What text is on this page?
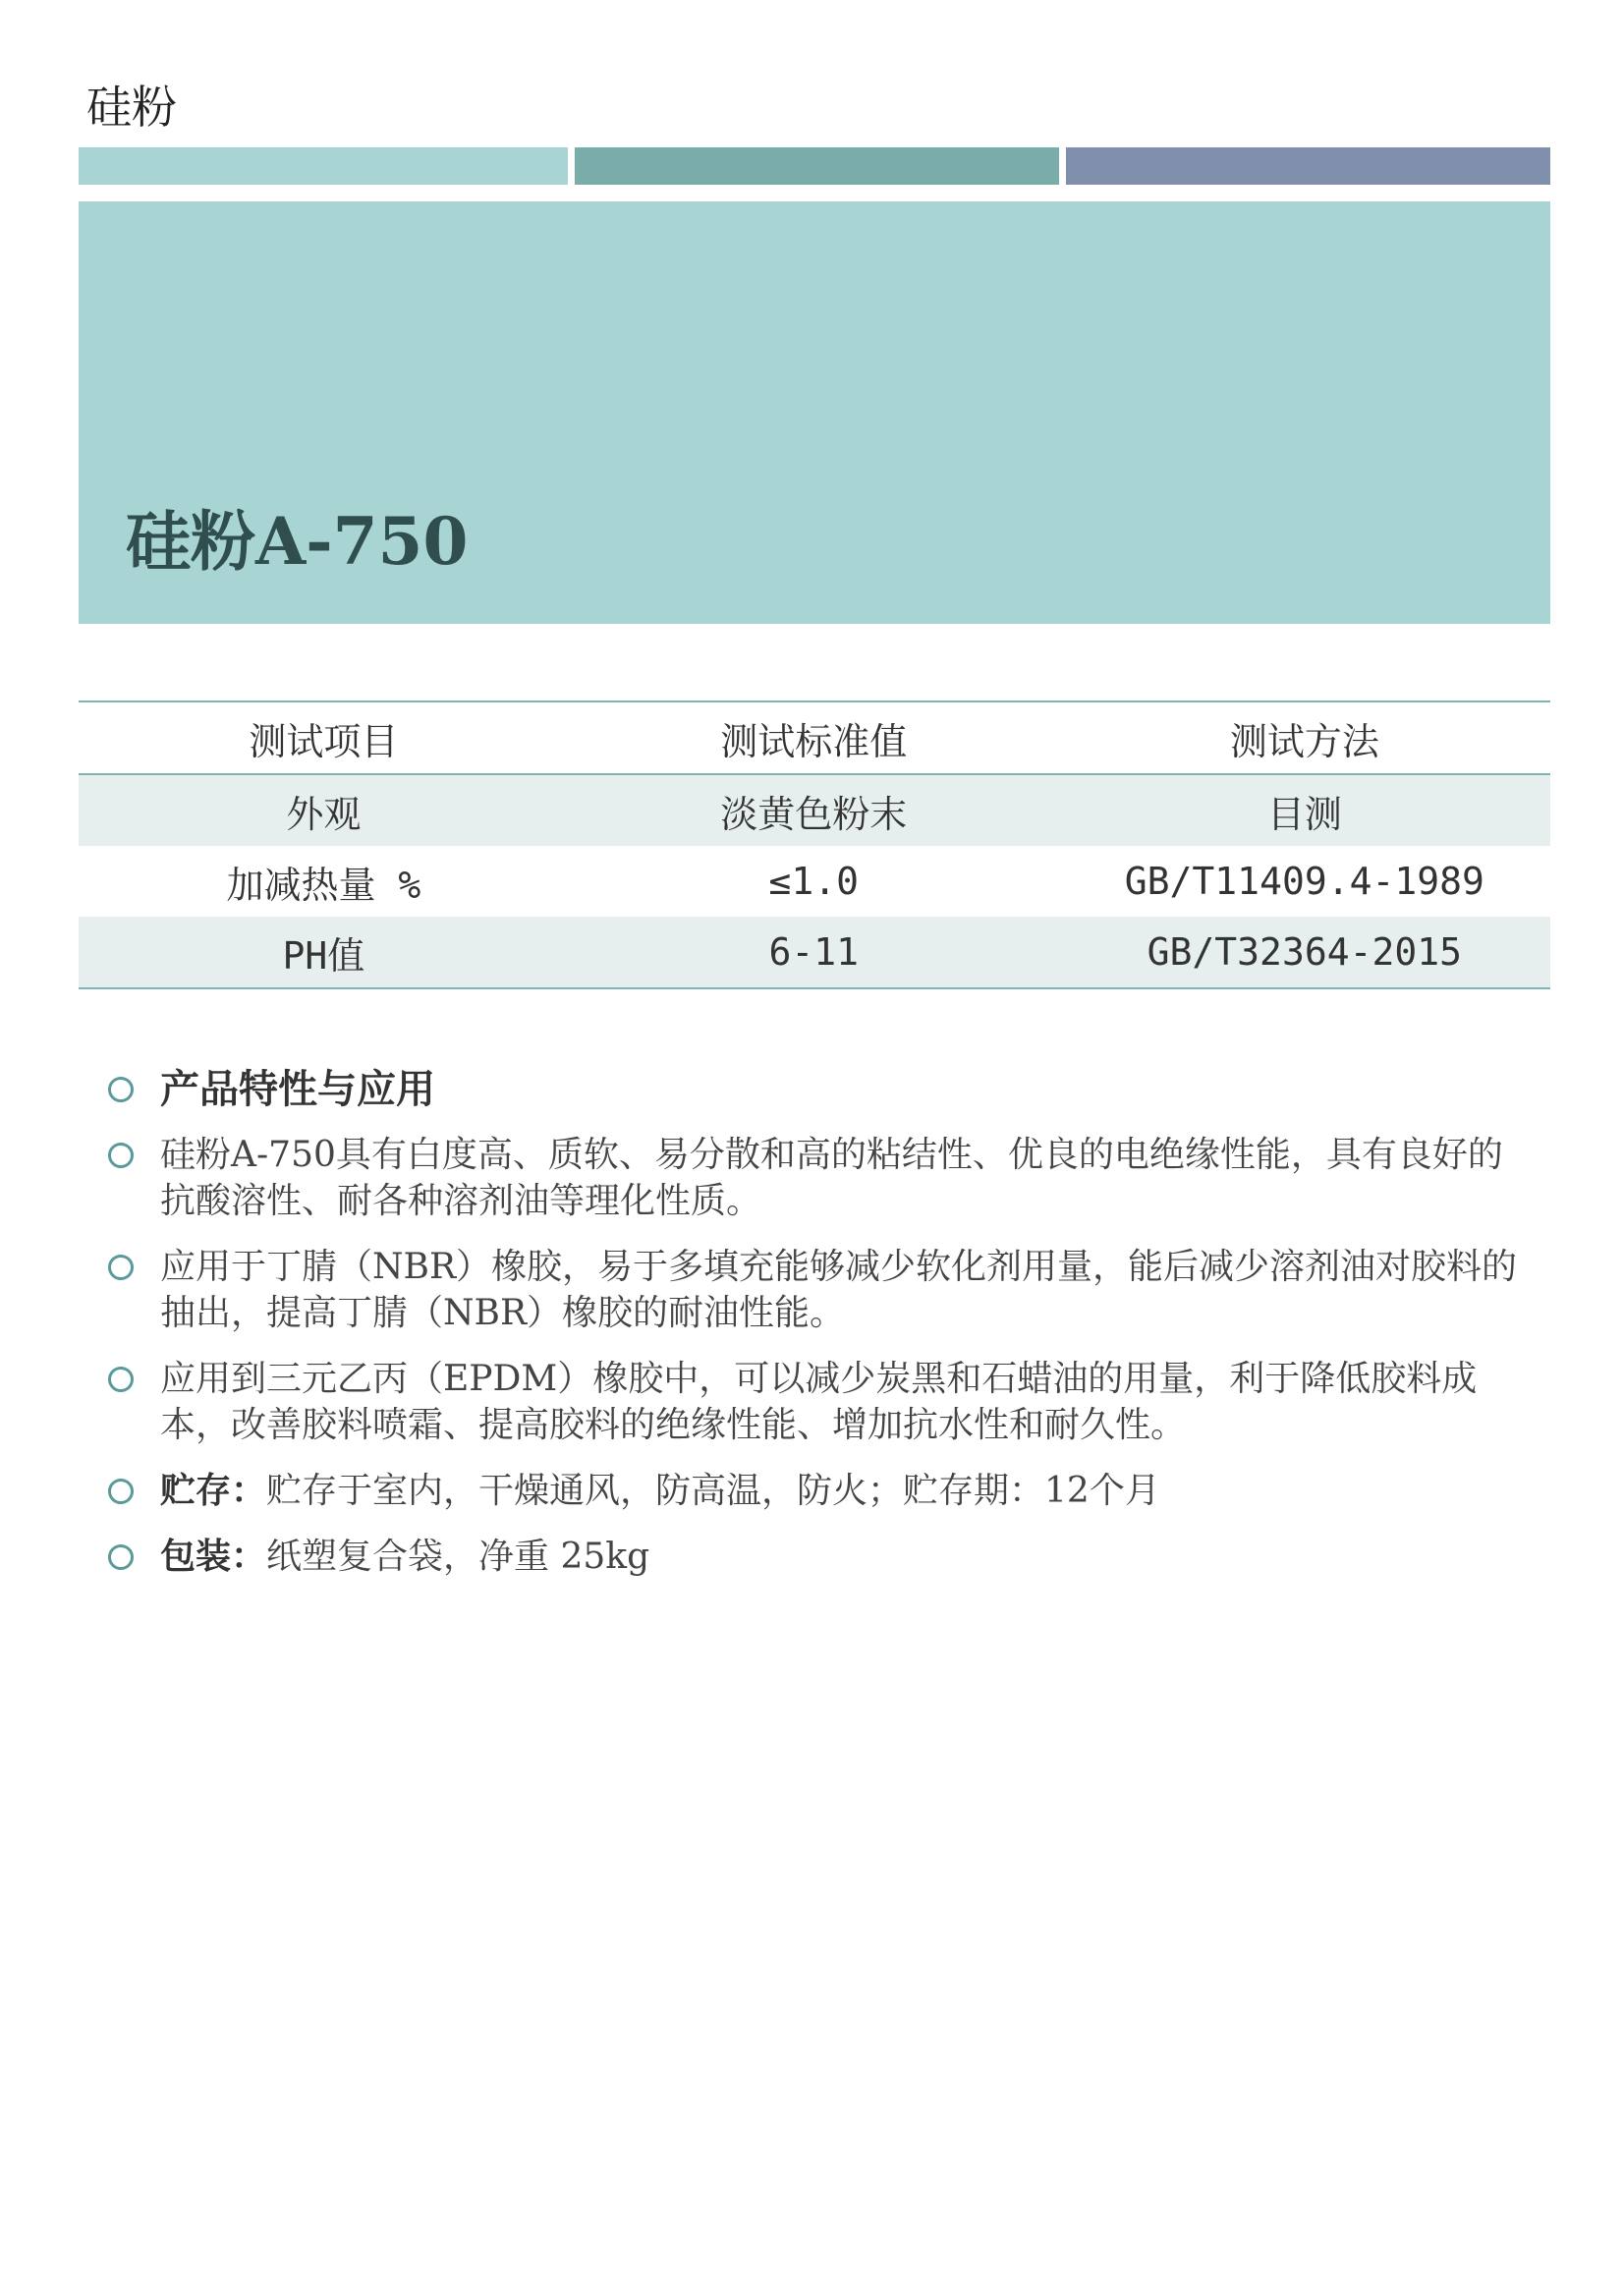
硅粉
硅粉A-750
测试项目	测试标准值	测试方法
外观	淡黄色粉末	目测
加减热量 %	≤1.0	GB/T11409.4-1989
PH值	6-11	GB/T32364-2015
产品特性与应用
硅粉A-750具有白度高、质软、易分散和高的粘结性、优良的电绝缘性能，具有良好的抗酸溶性、耐各种溶剂油等理化性质。
应用于丁腈（NBR）橡胶，易于多填充能够减少软化剂用量，能后减少溶剂油对胶料的抽出，提高丁腈（NBR）橡胶的耐油性能。
应用到三元乙丙（EPDM）橡胶中，可以减少炭黑和石蜡油的用量，利于降低胶料成本，改善胶料喷霜、提高胶料的绝缘性能、增加抗水性和耐久性。
贮存：贮存于室内，干燥通风，防高温，防火；贮存期：12个月
包装：纸塑复合袋，净重 25kg
